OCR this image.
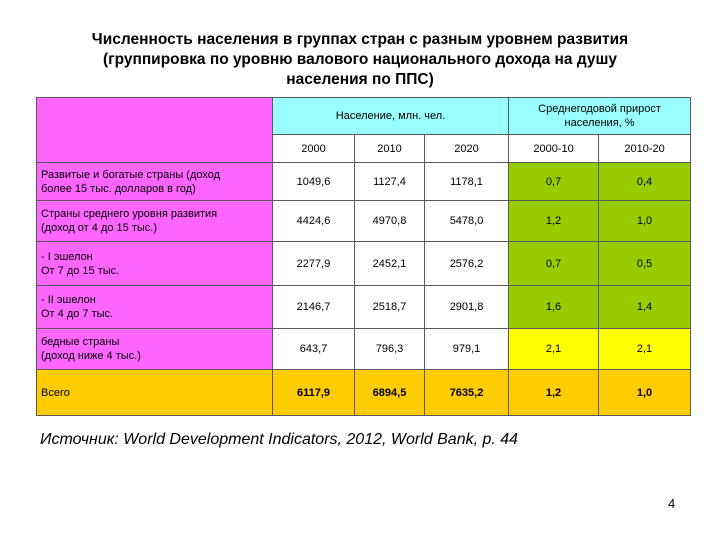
Численность населения в группах стран с разным уровнем развития
(группировка по уровню валового национального дохода на душу
населения по ППС)
	Население, млн. чел.			Среднегодовой прирост населения, %	
	2000	2010	2020	2000-10	2010-20

Развитые и богатые страны (доход
более 15 тыс. долларов в год)	1049,6	1127,4	1178,1	0,7	0,4

Страны среднего уровня развития
(доход от 4 до 15 тыс.)	4424,6	4970,8	5478,0	1,2	1,0

- I эшелон
От 7 до 15 тыс.	2277,9	2452,1	2576,2	0,7	0,5

- II эшелон
От 4 до 7 тыс.	2146,7	2518,7	2901,8	1,6	1,4

бедные страны
(доход ниже 4 тыс.)	643,7	796,3	979,1	2,1	2,1
Всего	6117,9	6894,5	7635,2	1,2	1,0
Источник: World Development Indicators, 2012, World Bank, p. 44
4
